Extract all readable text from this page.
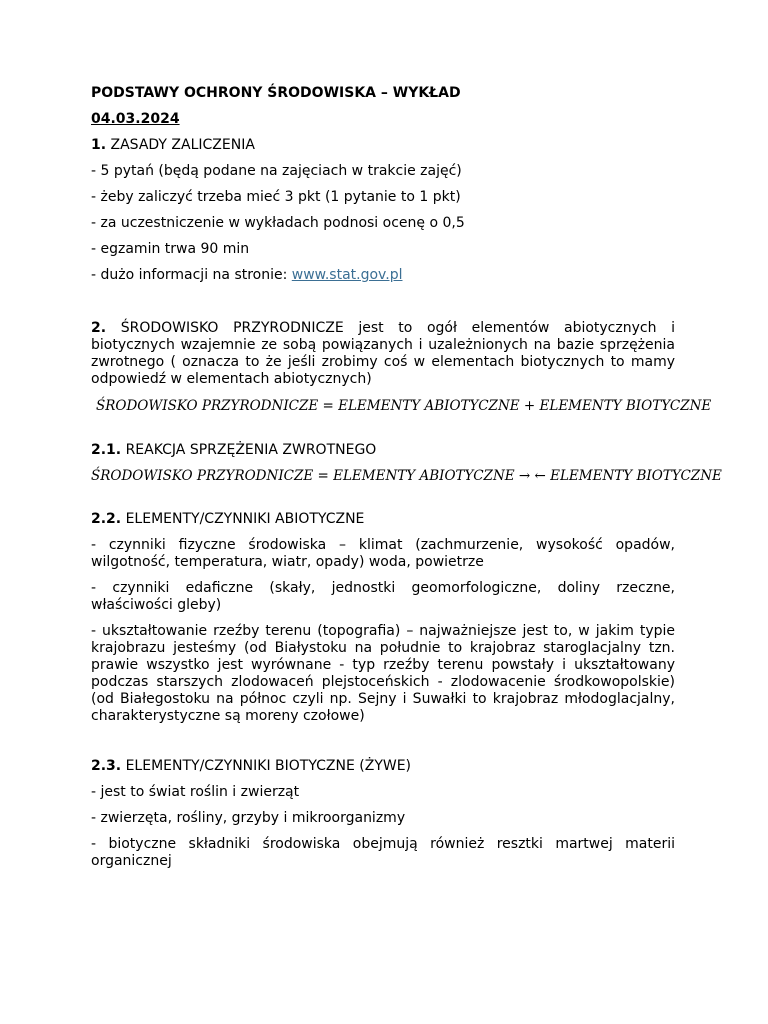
PODSTAWY OCHRONY ŚRODOWISKA – WYKŁAD

04.03.2024

1. ZASADY ZALICZENIA

- 5 pytań (będą podane na zajęciach w trakcie zajęć)

- żeby zaliczyć trzeba mieć 3 pkt (1 pytanie to 1 pkt)

- za uczestniczenie w wykładach podnosi ocenę o 0,5

- egzamin trwa 90 min

- dużo informacji na stronie: www.stat.gov.pl

2. ŚRODOWISKO PRZYRODNICZE jest to ogół elementów abiotycznych i biotycznych wzajemnie ze sobą powiązanych i uzależnionych na bazie sprzężenia zwrotnego ( oznacza to że jeśli zrobimy coś w elementach biotycznych to mamy odpowiedź w elementach abiotycznych)

ŚRODOWISKO PRZYRODNICZE = ELEMENTY ABIOTYCZNE + ELEMENTY BIOTYCZNE

2.1. REAKCJA SPRZĘŻENIA ZWROTNEGO

ŚRODOWISKO PRZYRODNICZE = ELEMENTY ABIOTYCZNE → ← ELEMENTY BIOTYCZNE

2.2. ELEMENTY/CZYNNIKI ABIOTYCZNE

- czynniki fizyczne środowiska – klimat (zachmurzenie, wysokość opadów, wilgotność, temperatura, wiatr, opady) woda, powietrze

- czynniki edaficzne (skały, jednostki geomorfologiczne, doliny rzeczne, właściwości gleby)

- ukształtowanie rzeźby terenu (topografia) – najważniejsze jest to, w jakim typie krajobrazu jesteśmy (od Białystoku na południe to krajobraz staroglacjalny tzn. prawie wszystko jest wyrównane - typ rzeźby terenu powstały i ukształtowany podczas starszych zlodowaceń plejstoceńskich - zlodowacenie środkowopolskie) (od Białegostoku na północ czyli np. Sejny i Suwałki to krajobraz młodoglacjalny, charakterystyczne są moreny czołowe)

2.3. ELEMENTY/CZYNNIKI BIOTYCZNE (ŻYWE)

- jest to świat roślin i zwierząt

- zwierzęta, rośliny, grzyby i mikroorganizmy

- biotyczne składniki środowiska obejmują również resztki martwej materii organicznej
